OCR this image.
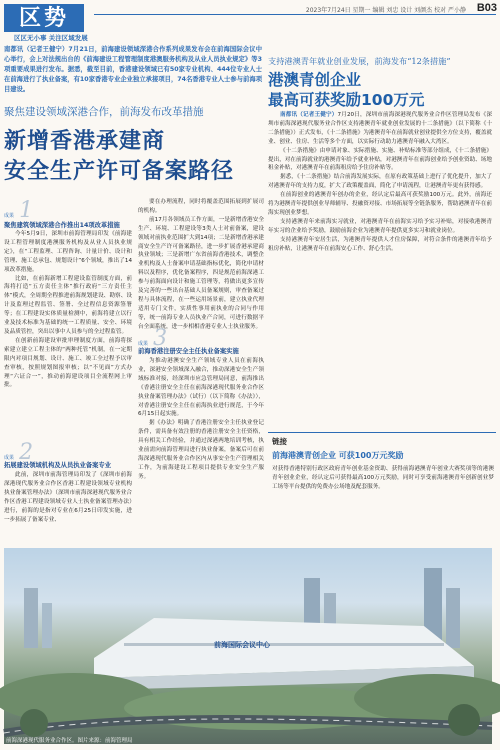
区势
区区无小事 关注区域发展
2023年7月24日 星期一 编辑 刘忠 设计 刘颜杰 校对 严小静 B03
南都讯（记者王健宁）7月21日，前海建设领域深港合作系列成果发布会在前海国际会议中心举行，会上对法规出台的《前海建设工程管理制度港澳服务机构及从业人员执业规定》等3项重要成果进行发布。据悉，截至目前，香港建设领域已有50家专业机构、444位专业人士在前海进行了执业备案，有10家香港专业企业独立承接项目，74名香港专业人士参与前海项目建设。
聚焦建设领域深港合作，前海发布改革措施
新增香港承建商
安全生产许可备案路径
成果 1
聚焦建筑领域深港合作推出14项改革措施

今年5月9日，深圳市前海管理局印发《前海建设工程管理制度港澳服务机构及从业人员执业规定》，在“工程监理、工程咨询、计量计价、设计和管理、施工总承包、规划设计”6个领域，推出了14项改革措施。

比如，在前海新增工程建设监管制度方面，前海将打造“五方责任主体”推行政府“三方责任主体”模式，全周期全程推进前海规划建设、勘察、设计及监理过程监管、签署、全过程信息资源签署等；在工程建设实体质量检测中，前海将建立以行业及技术标准为基础的统一工程质量、安全、环境及品质管控，突出以事中人员参与的全过程监管。

在创新前海建设审批审理制度方面，前海将探索建立建立工程主体的“两种托管”机制，在一定期限内对项目规划、设计、施工、竣工全过程予以审查审核，按照规划图报审核；以“不见面”方式办理“六证合一”，推动前海建设项目全流程网上审批。

成果 2
拓展建设领域机构及从员执业备案专业

此前，深圳市前海管理局印发了《深圳市前海深港现代服务业合作区香港工程建设领域专业机构执业备案管理办法》（深圳市前海深港现代服务业合作区香港工程建设领域专业人士执业备案管理办法）进行，前海的是指对专业在6月25日印发实施，进一步拓展了备案专业、

要在办理流程，同时将覆盖范围拓展到扩展司的机构。

前17月各领域员工作方面，一是新增香港安全生产、环境、工程建设等3类人士对前备案，建设领域对前执业范围扩大到14项；二是新增香港承建商安全生产许可备案路径，进一步扩展香港承建商执业领域；三是新增广东省前海香港技术，调整企业机构及人士备案申请基础指标优化，简化申请材料以及程序，优化备案程序，四是规范前海深港工参与前海面向设计和施工管理等，将做出更多宣传及完善的一些出台基础人员备案规则，审查备案过程与具体流程，在一些运用场景前，建立执业代理适用专门文件，实质性事用前执业的合同与作用等，统一前海专业人员执业产合同，可进行数据平台全面系统，进一步相相香港专业人士执业服务。

成果 3
前海香港注册安全主任执业备案实施

为推动港澳安全生产领域专业人员在前海执业，深港安全领域深入融合，推动深港安全生产领域标准对接，经深圳市应急管理局同意，前海推出《香港注册安全主任在前海深港现代服务业合作区执业备案管理办法》（试行）（以下简称《办法》），对香港注册安全主任在前海执业进行规范，于今年6月15日起实施。

据《办法》明确了香港注册安全主任执业登记条件，需具备有效注册的香港注册安全主任资格，具有相关工作经验，并通过深港两地培训考核，执业前需向前海管理局进行执业备案，备案后可在前海深港现代服务业合作区内从事安全生产管理相关工作，为前海建设工程项目提供专业安全生产服务。

支持港澳青年就业创业发展，前海发布“12条措施”
港澳青创企业
最高可获奖励100万元

南都讯（记者王健宁）7月20日，深圳市前海深港现代服务业合作区管理局发布《深圳市前海深港现代服务业合作区支持港澳青年就业创业发展的十二条措施》（以下简称《十二条措施》）正式发布，《十二条措施》为港澳青年在前海就业创业提供全方位支持，覆盖就业、创业、住房、生活等多个方面，以实际行动助力港澳青年融入大湾区。

《十二条措施》由申请对象、实际措施、实施、补贴标准等部分组成，《十二条措施》提出，对在前海就业的港澳青年给予就业补贴，对港澳青年在前海创业给予创业资助、场地租金补贴，对港澳青年在前海租房给予住房补贴等。

据悉，《十二条措施》结合前海发展实际，在原有政策基础上进行了优化提升，加大了对港澳青年的支持力度，扩大了政策覆盖面，简化了申请流程，让港澳青年更有获得感。

在前海创业的港澳青年创办的企业，经认定后最高可获奖励100万元。此外，前海还将为港澳青年提供创业导师辅导、投融资对接、市场拓展等全链条服务，帮助港澳青年在前海实现创业梦想。

支持港澳青年来前海实习就业，对港澳青年在前海实习给予实习补贴，对接收港澳青年实习的企业给予奖励，鼓励前海企业为港澳青年提供更多实习和就业岗位。

支持港澳青年安居生活，为港澳青年提供人才住房保障，对符合条件的港澳青年给予租房补贴，让港澳青年在前海安心工作、舒心生活。

链接
前海港澳青创企业 可获100万元奖励
对获得香港特别行政区政府青年创业基金资助、获得前海港澳青年创业大赛奖项等的港澳青年创业企业，经认定后可获得最高100万元奖励，同时可享受前海港澳青年创新创业梦工场等平台提供的免费办公场地及配套服务。
前海国际会议中心
前海深港现代服务业合作区。图片来源：前海管理局
